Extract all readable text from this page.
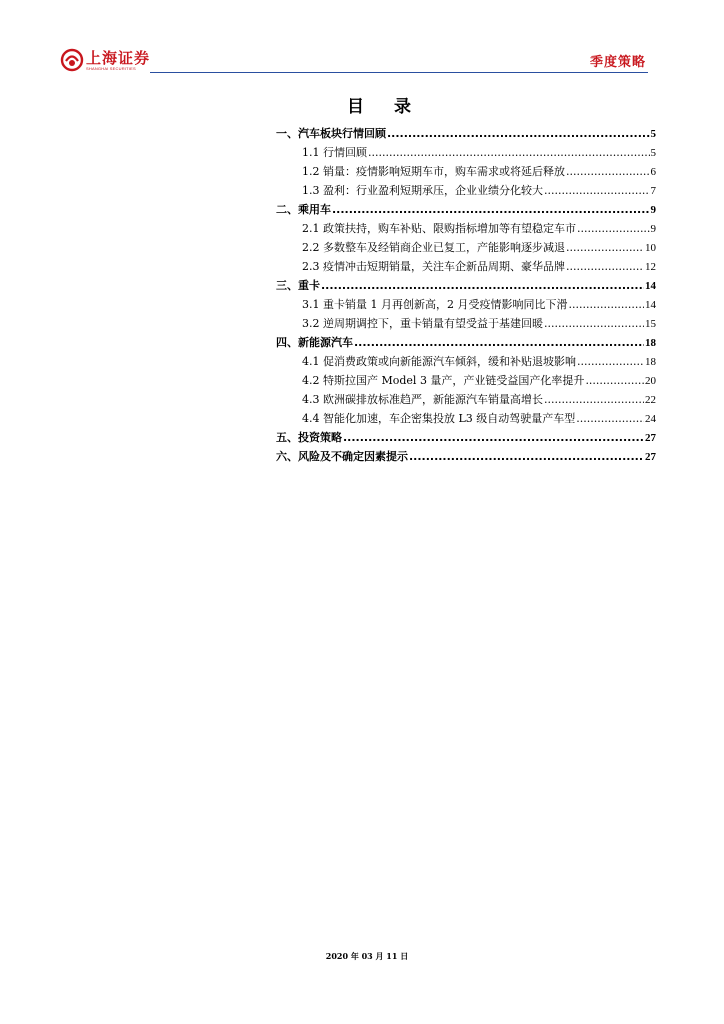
上海证券
SHANGHAI SECURITIES	季度策略
目 录
一、汽车板块行情回顾 .....	5
1.1 行情回顾 .....	5
1.2 销量：疫情影响短期车市，购车需求或将延后释放 .....	6
1.3 盈利：行业盈利短期承压，企业业绩分化较大 .....	7
二、乘用车 .....	9
2.1 政策扶持，购车补贴、限购指标增加等有望稳定车市 .....	9
2.2 多数整车及经销商企业已复工，产能影响逐步减退 .....	10
2.3 疫情冲击短期销量，关注车企新品周期、豪华品牌 .....	12
三、重卡 .....	14
3.1 重卡销量 1 月再创新高，2 月受疫情影响同比下滑 .....	14
3.2 逆周期调控下，重卡销量有望受益于基建回暖 .....	15
四、新能源汽车 .....	18
4.1 促消费政策或向新能源汽车倾斜，缓和补贴退坡影响 .....	18
4.2 特斯拉国产 Model 3 量产，产业链受益国产化率提升 .....	20
4.3 欧洲碳排放标准趋严，新能源汽车销量高增长 .....	22
4.4 智能化加速，车企密集投放 L3 级自动驾驶量产车型 .....	24
五、投资策略 .....	27
六、风险及不确定因素提示 .....	27
2020 年 03 月 11 日
